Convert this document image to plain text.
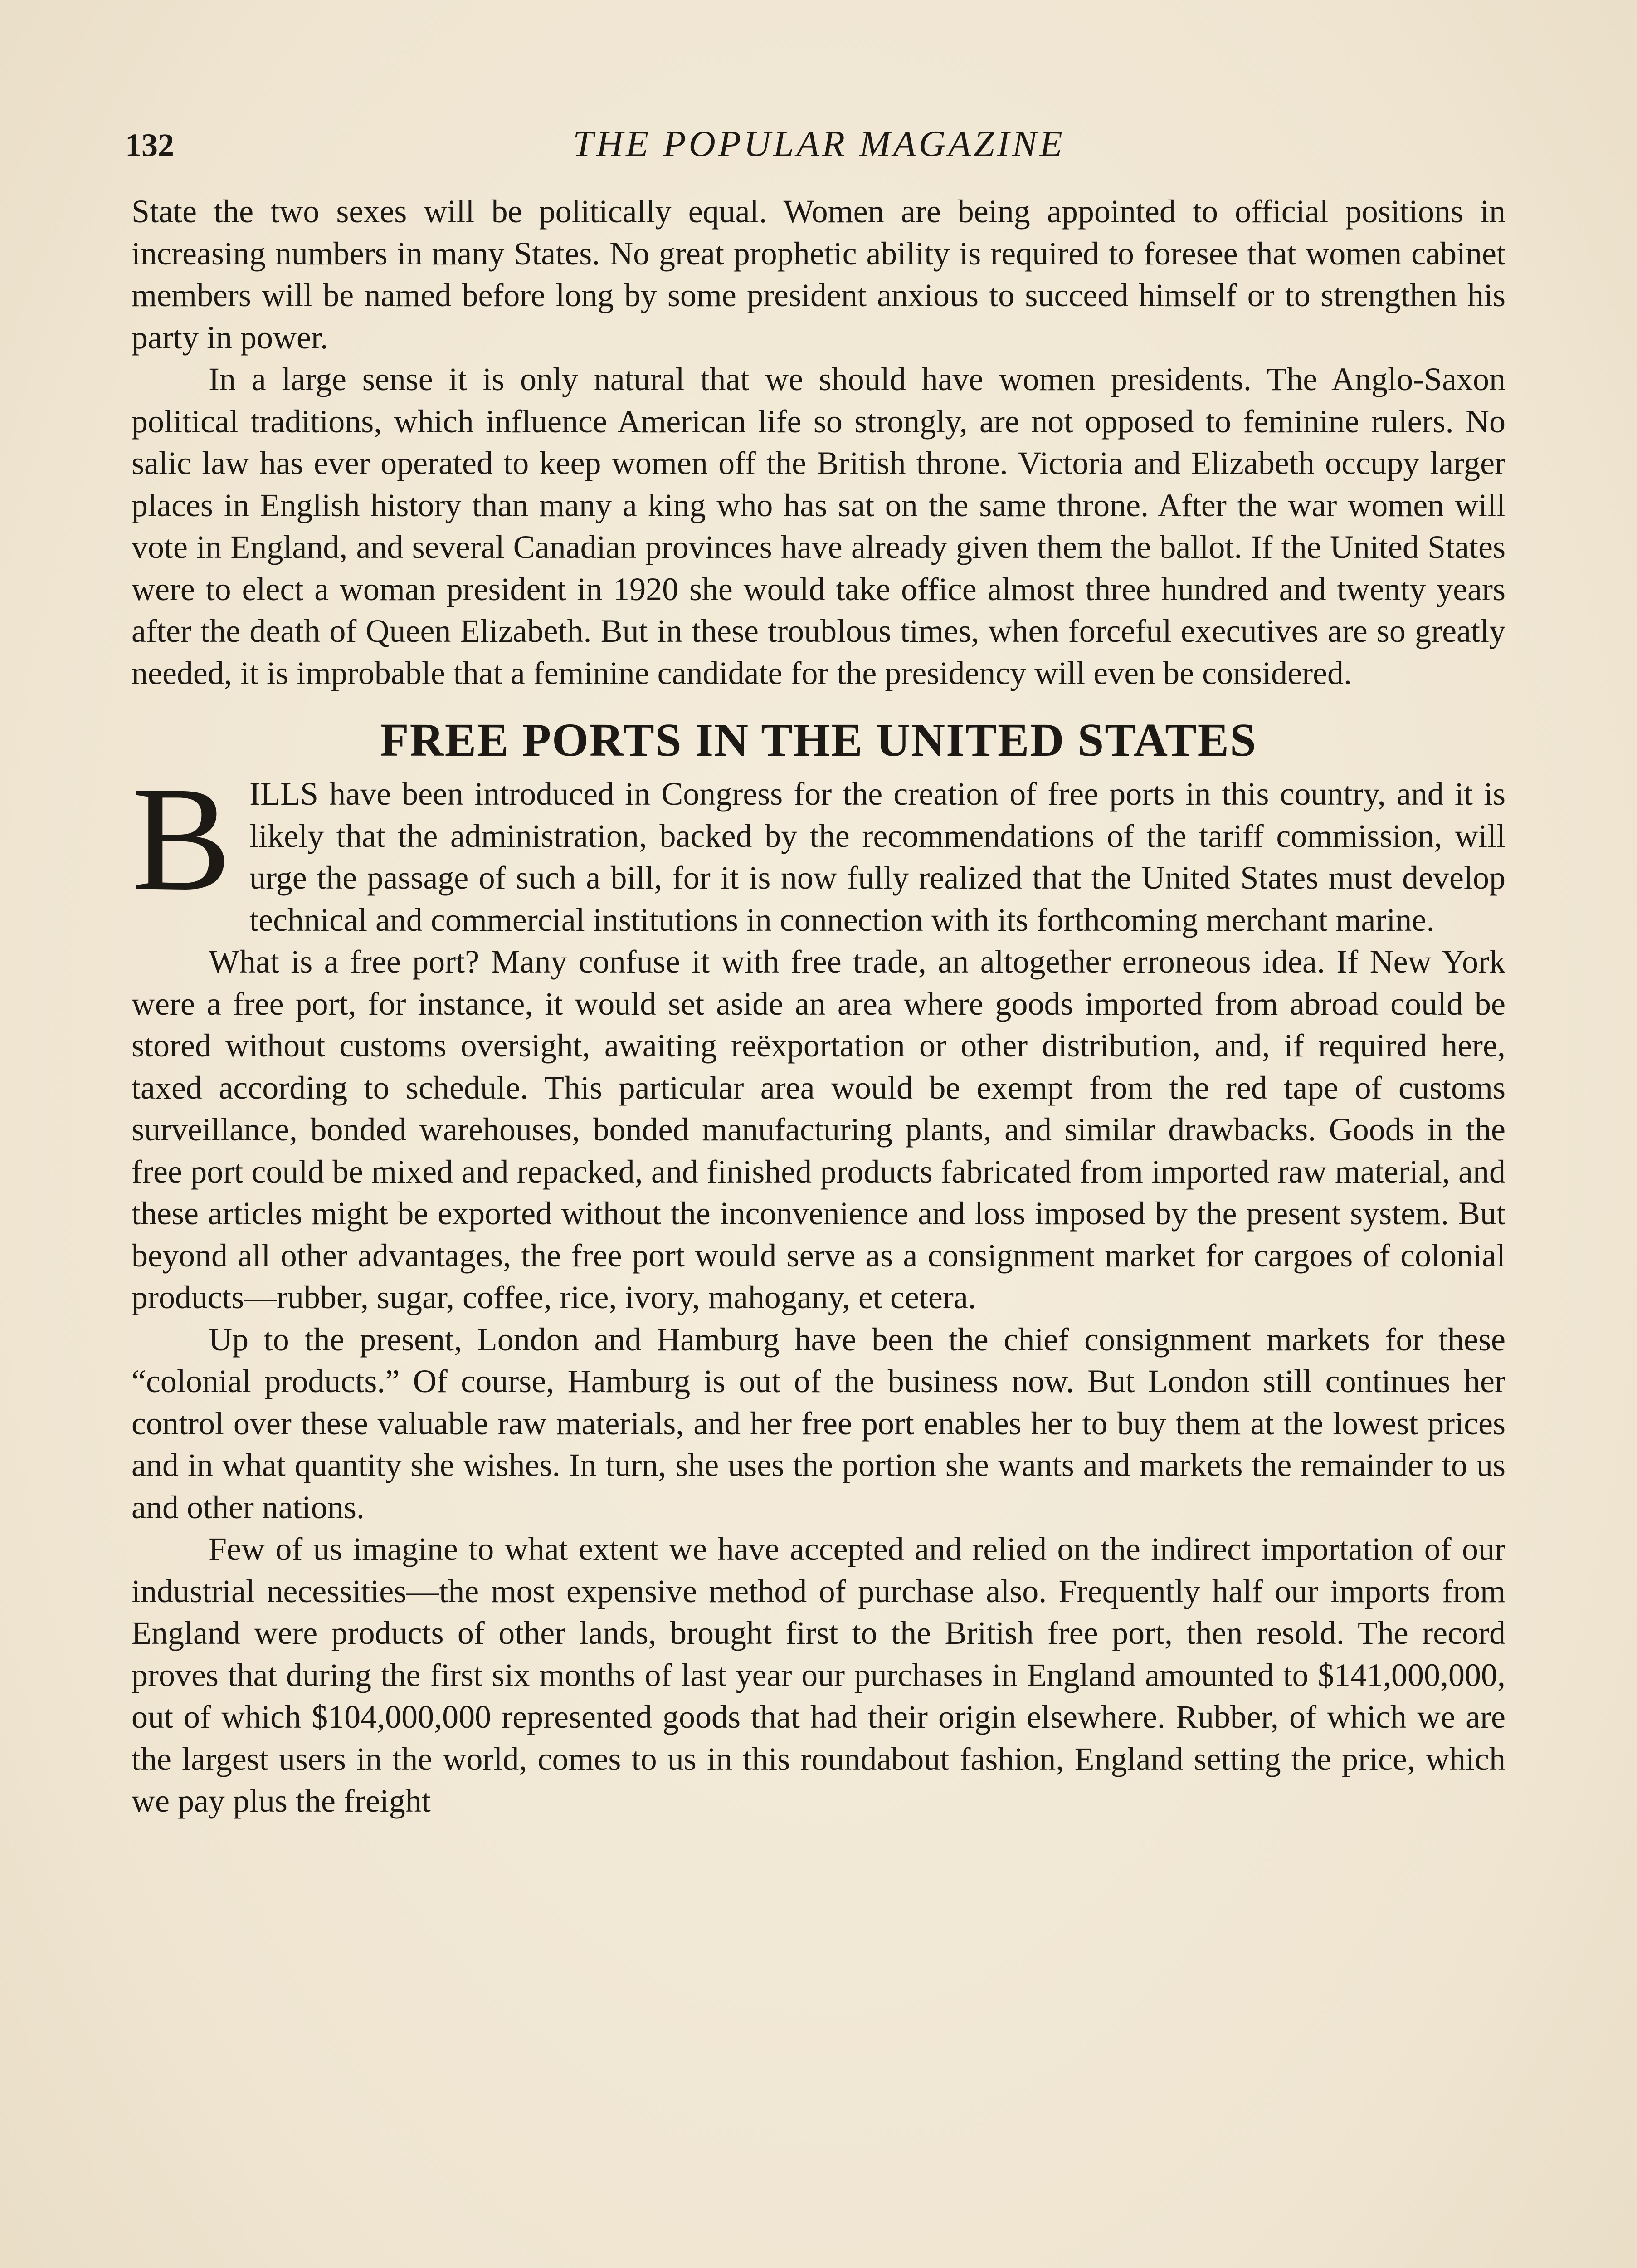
132	THE POPULAR MAGAZINE

State the two sexes will be politically equal. Women are being appointed to official positions in increasing numbers in many States. No great prophetic ability is required to foresee that women cabinet members will be named before long by some president anxious to succeed himself or to strengthen his party in power.

In a large sense it is only natural that we should have women presidents. The Anglo-Saxon political traditions, which influence American life so strongly, are not opposed to feminine rulers. No salic law has ever operated to keep women off the British throne. Victoria and Elizabeth occupy larger places in English history than many a king who has sat on the same throne. After the war women will vote in England, and several Canadian provinces have already given them the ballot. If the United States were to elect a woman president in 1920 she would take office almost three hundred and twenty years after the death of Queen Elizabeth. But in these troublous times, when forceful executives are so greatly needed, it is improbable that a feminine candidate for the presidency will even be considered.

FREE PORTS IN THE UNITED STATES

BILLS have been introduced in Congress for the creation of free ports in this country, and it is likely that the administration, backed by the recommendations of the tariff commission, will urge the passage of such a bill, for it is now fully realized that the United States must develop technical and commercial institutions in connection with its forthcoming merchant marine.

What is a free port? Many confuse it with free trade, an altogether erroneous idea. If New York were a free port, for instance, it would set aside an area where goods imported from abroad could be stored without customs oversight, awaiting reëxportation or other distribution, and, if required here, taxed according to schedule. This particular area would be exempt from the red tape of customs surveillance, bonded warehouses, bonded manufacturing plants, and similar drawbacks. Goods in the free port could be mixed and repacked, and finished products fabricated from imported raw material, and these articles might be exported without the inconvenience and loss imposed by the present system. But beyond all other advantages, the free port would serve as a consignment market for cargoes of colonial products—rubber, sugar, coffee, rice, ivory, mahogany, et cetera.

Up to the present, London and Hamburg have been the chief consignment markets for these “colonial products.” Of course, Hamburg is out of the business now. But London still continues her control over these valuable raw materials, and her free port enables her to buy them at the lowest prices and in what quantity she wishes. In turn, she uses the portion she wants and markets the remainder to us and other nations.

Few of us imagine to what extent we have accepted and relied on the indirect importation of our industrial necessities—the most expensive method of purchase also. Frequently half our imports from England were products of other lands, brought first to the British free port, then resold. The record proves that during the first six months of last year our purchases in England amounted to $141,000,000, out of which $104,000,000 represented goods that had their origin elsewhere. Rubber, of which we are the largest users in the world, comes to us in this roundabout fashion, England setting the price, which we pay plus the freight
